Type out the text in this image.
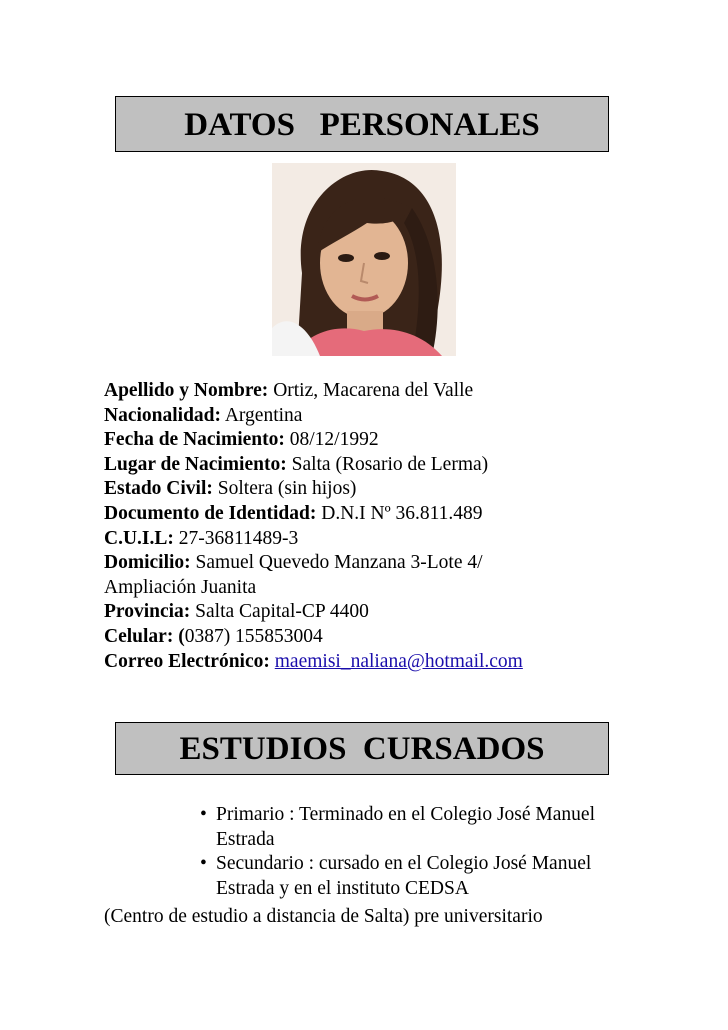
DATOS   PERSONALES
Apellido y Nombre: Ortiz, Macarena del Valle
Nacionalidad: Argentina
Fecha de Nacimiento: 08/12/1992
Lugar de Nacimiento: Salta (Rosario de Lerma)
Estado Civil: Soltera (sin hijos)
Documento de Identidad: D.N.I Nº 36.811.489
C.U.I.L: 27-36811489-3
Domicilio: Samuel Quevedo Manzana 3-Lote 4/ Ampliación Juanita
Provincia: Salta Capital-CP 4400
Celular: (0387) 155853004
Correo Electrónico: maemisi_naliana@hotmail.com
ESTUDIOS  CURSADOS
• Primario : Terminado en el Colegio José Manuel Estrada
• Secundario : cursado en el Colegio José Manuel Estrada y en el instituto CEDSA
(Centro de estudio a distancia de Salta) pre universitario
